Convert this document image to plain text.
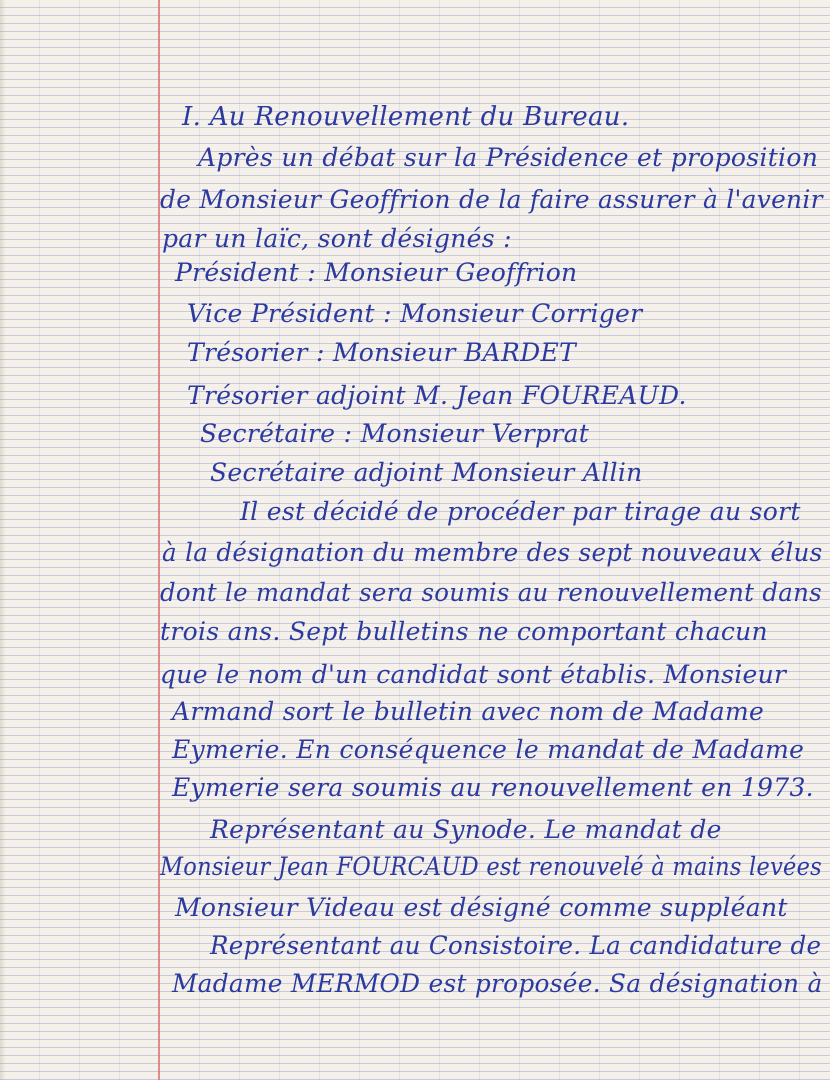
I. Au Renouvellement du Bureau.

Après un débat sur la Présidence et proposition

de Monsieur Geoffrion de la faire assurer à l'avenir

par un laïc, sont désignés :

Président : Monsieur Geoffrion

Vice Président : Monsieur Corriger

Trésorier : Monsieur BARDET

Trésorier adjoint M. Jean FOUREAUD.

Secrétaire : Monsieur Verprat

Secrétaire adjoint Monsieur Allin

Il est décidé de procéder par tirage au sort

à la désignation du membre des sept nouveaux élus

dont le mandat sera soumis au renouvellement dans

trois ans. Sept bulletins ne comportant chacun

que le nom d'un candidat sont établis. Monsieur

Armand sort le bulletin avec nom de Madame

Eymerie. En conséquence le mandat de Madame

Eymerie sera soumis au renouvellement en 1973.

Représentant au Synode. Le mandat de

Monsieur Jean FOURCAUD est renouvelé à mains levées

Monsieur Videau est désigné comme suppléant

Représentant au Consistoire. La candidature de

Madame MERMOD est proposée. Sa désignation à
